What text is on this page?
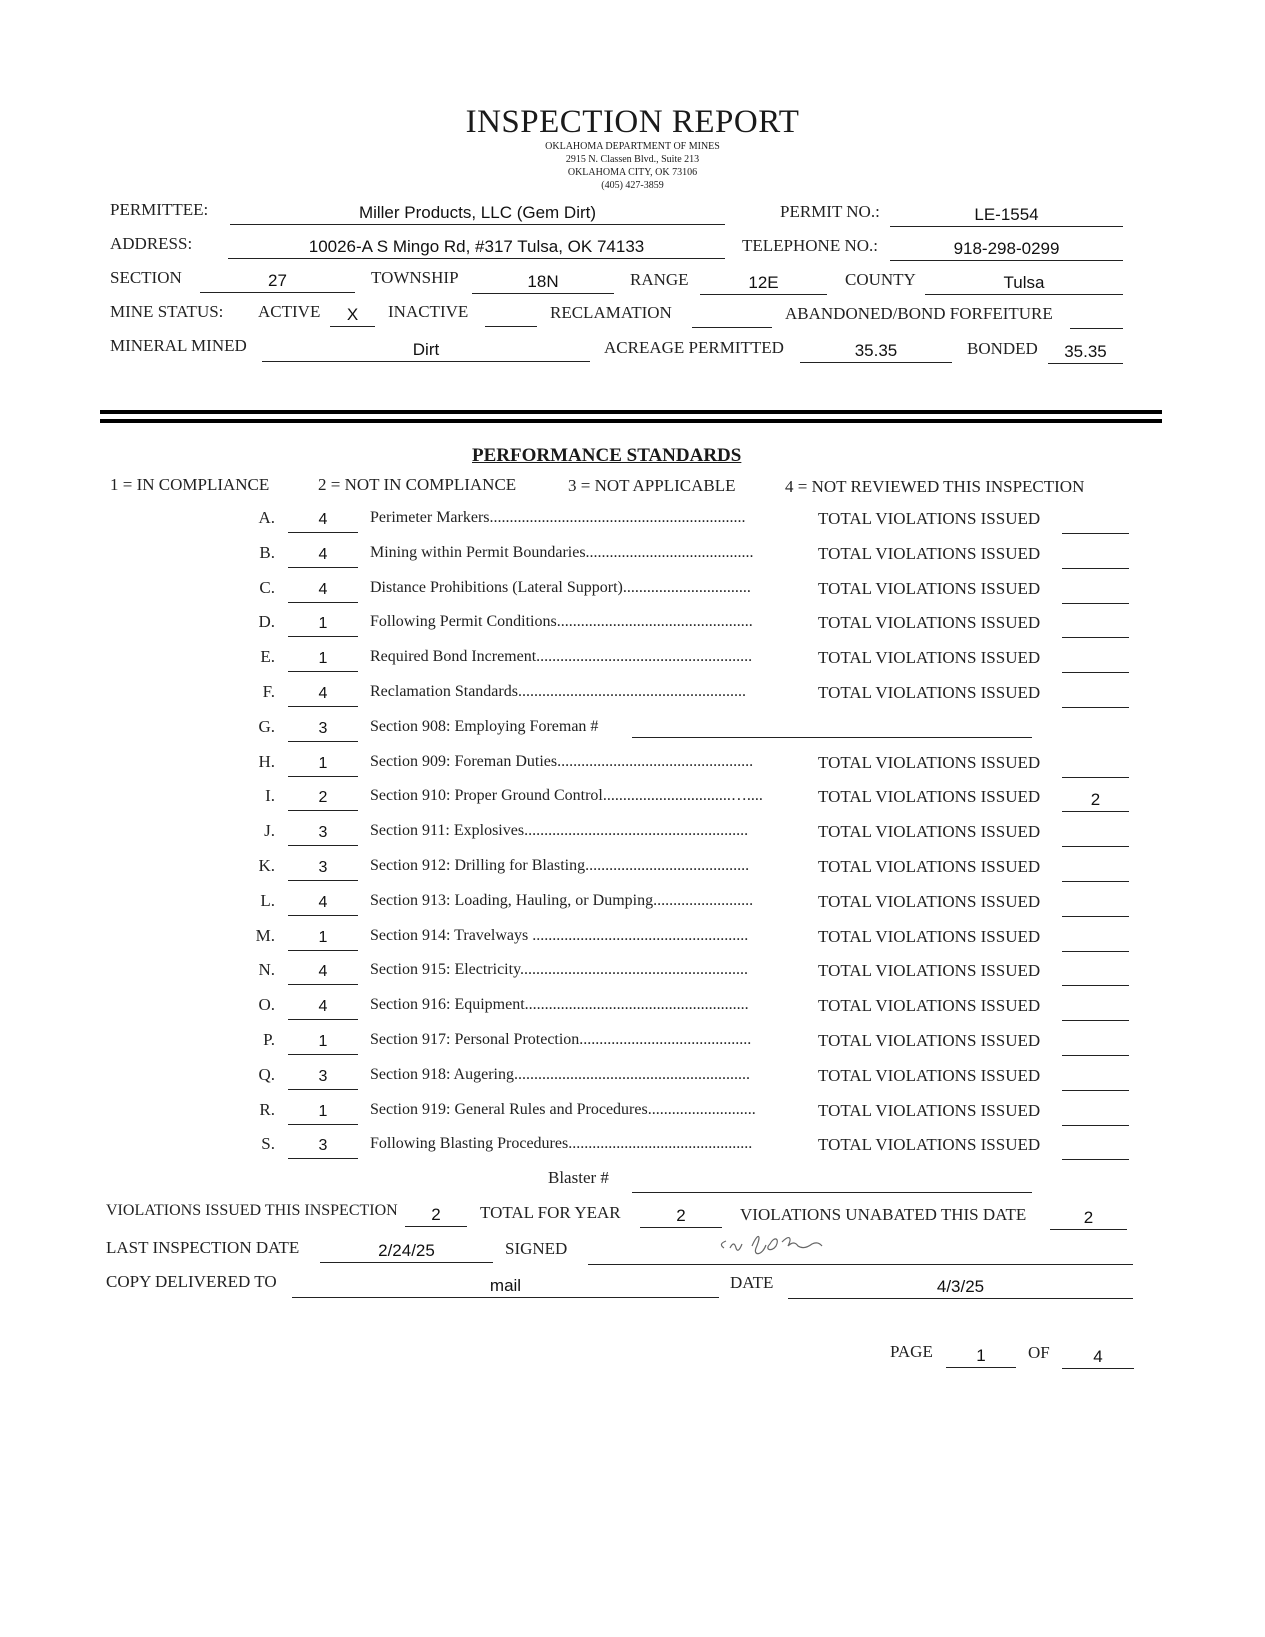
INSPECTION REPORT
OKLAHOMA DEPARTMENT OF MINES
2915 N. Classen Blvd., Suite 213
OKLAHOMA CITY, OK 73106
(405) 427-3859
PERMITTEE:	Miller Products, LLC (Gem Dirt)	PERMIT NO.:	LE-1554
ADDRESS:	10026-A S Mingo Rd, #317 Tulsa, OK 74133	TELEPHONE NO.:	918-298-0299
SECTION	27	TOWNSHIP	18N	RANGE	12E	COUNTY	Tulsa
MINE STATUS: ACTIVE	X	INACTIVE	RECLAMATION	ABANDONED/BOND FORFEITURE
MINERAL MINED	Dirt	ACREAGE PERMITTED	35.35	BONDED	35.35
PERFORMANCE STANDARDS
1 = IN COMPLIANCE	2 = NOT IN COMPLIANCE	3 = NOT APPLICABLE	4 = NOT REVIEWED THIS INSPECTION
A.	4	Perimeter Markers................................................................	TOTAL VIOLATIONS ISSUED
B.	4	Mining within Permit Boundaries..........................................	TOTAL VIOLATIONS ISSUED
C.	4	Distance Prohibitions (Lateral Support)................................	TOTAL VIOLATIONS ISSUED
D.	1	Following Permit Conditions.................................................	TOTAL VIOLATIONS ISSUED
E.	1	Required Bond Increment......................................................	TOTAL VIOLATIONS ISSUED
F.	4	Reclamation Standards.........................................................	TOTAL VIOLATIONS ISSUED
G.	3	Section 908: Employing Foreman #
H.	1	Section 909: Foreman Duties.................................................	TOTAL VIOLATIONS ISSUED
I.	2	Section 910: Proper Ground Control................................…....	TOTAL VIOLATIONS ISSUED	2
J.	3	Section 911: Explosives........................................................	TOTAL VIOLATIONS ISSUED
K.	3	Section 912: Drilling for Blasting.........................................	TOTAL VIOLATIONS ISSUED
L.	4	Section 913: Loading, Hauling, or Dumping.........................	TOTAL VIOLATIONS ISSUED
M.	1	Section 914: Travelways ......................................................	TOTAL VIOLATIONS ISSUED
N.	4	Section 915: Electricity.........................................................	TOTAL VIOLATIONS ISSUED
O.	4	Section 916: Equipment........................................................	TOTAL VIOLATIONS ISSUED
P.	1	Section 917: Personal Protection...........................................	TOTAL VIOLATIONS ISSUED
Q.	3	Section 918: Augering...........................................................	TOTAL VIOLATIONS ISSUED
R.	1	Section 919: General Rules and Procedures...........................	TOTAL VIOLATIONS ISSUED
S.	3	Following Blasting Procedures..............................................	TOTAL VIOLATIONS ISSUED
Blaster #
VIOLATIONS ISSUED THIS INSPECTION	2	TOTAL FOR YEAR	2	VIOLATIONS UNABATED THIS DATE	2
LAST INSPECTION DATE	2/24/25	SIGNED
COPY DELIVERED TO	mail	DATE	4/3/25
PAGE	1	OF	4
